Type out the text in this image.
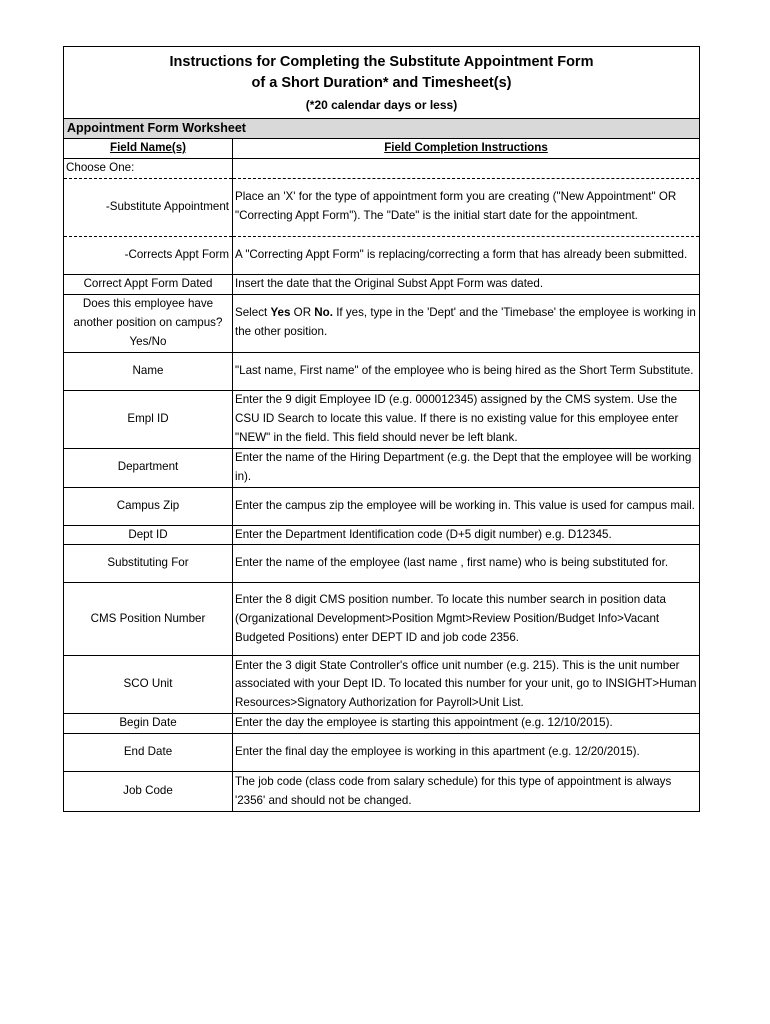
Instructions for Completing the Substitute Appointment Form
of a Short Duration* and Timesheet(s)
(*20 calendar days or less)
Appointment Form Worksheet
Field Name(s)	Field Completion Instructions
Choose One:	
-Substitute Appointment	Place an 'X' for the type of appointment form you are creating ("New Appointment" OR "Correcting Appt Form"). The "Date" is the initial start date for the appointment.
-Corrects Appt Form	A "Correcting Appt Form" is replacing/correcting a form that has already been submitted.
Correct Appt Form Dated	Insert the date that the Original Subst Appt Form was dated.
Does this employee have another position on campus? Yes/No	Select Yes OR No. If yes, type in the 'Dept' and the 'Timebase' the employee is working in the other position.
Name	"Last name, First name" of the employee who is being hired as the Short Term Substitute.
Empl ID	Enter the 9 digit Employee ID (e.g. 000012345) assigned by the CMS system. Use the CSU ID Search to locate this value. If there is no existing value for this employee enter "NEW" in the field. This field should never be left blank.
Department	Enter the name of the Hiring Department (e.g. the Dept that the employee will be working in).
Campus Zip	Enter the campus zip the employee will be working in. This value is used for campus mail.
Dept ID	Enter the Department Identification code (D+5 digit number) e.g. D12345.
Substituting For	Enter the name of the employee (last name , first name) who is being substituted for.
CMS Position Number	Enter the 8 digit CMS position number. To locate this number search in position data (Organizational Development>Position Mgmt>Review Position/Budget Info>Vacant Budgeted Positions) enter DEPT ID and job code 2356.
SCO Unit	Enter the 3 digit State Controller's office unit number (e.g. 215). This is the unit number associated with your Dept ID. To located this number for your unit, go to INSIGHT>Human Resources>Signatory Authorization for Payroll>Unit List.
Begin Date	Enter the day the employee is starting this appointment (e.g. 12/10/2015).
End Date	Enter the final day the employee is working in this apartment (e.g. 12/20/2015).
Job Code	The job code (class code from salary schedule) for this type of appointment is always '2356' and should not be changed.
